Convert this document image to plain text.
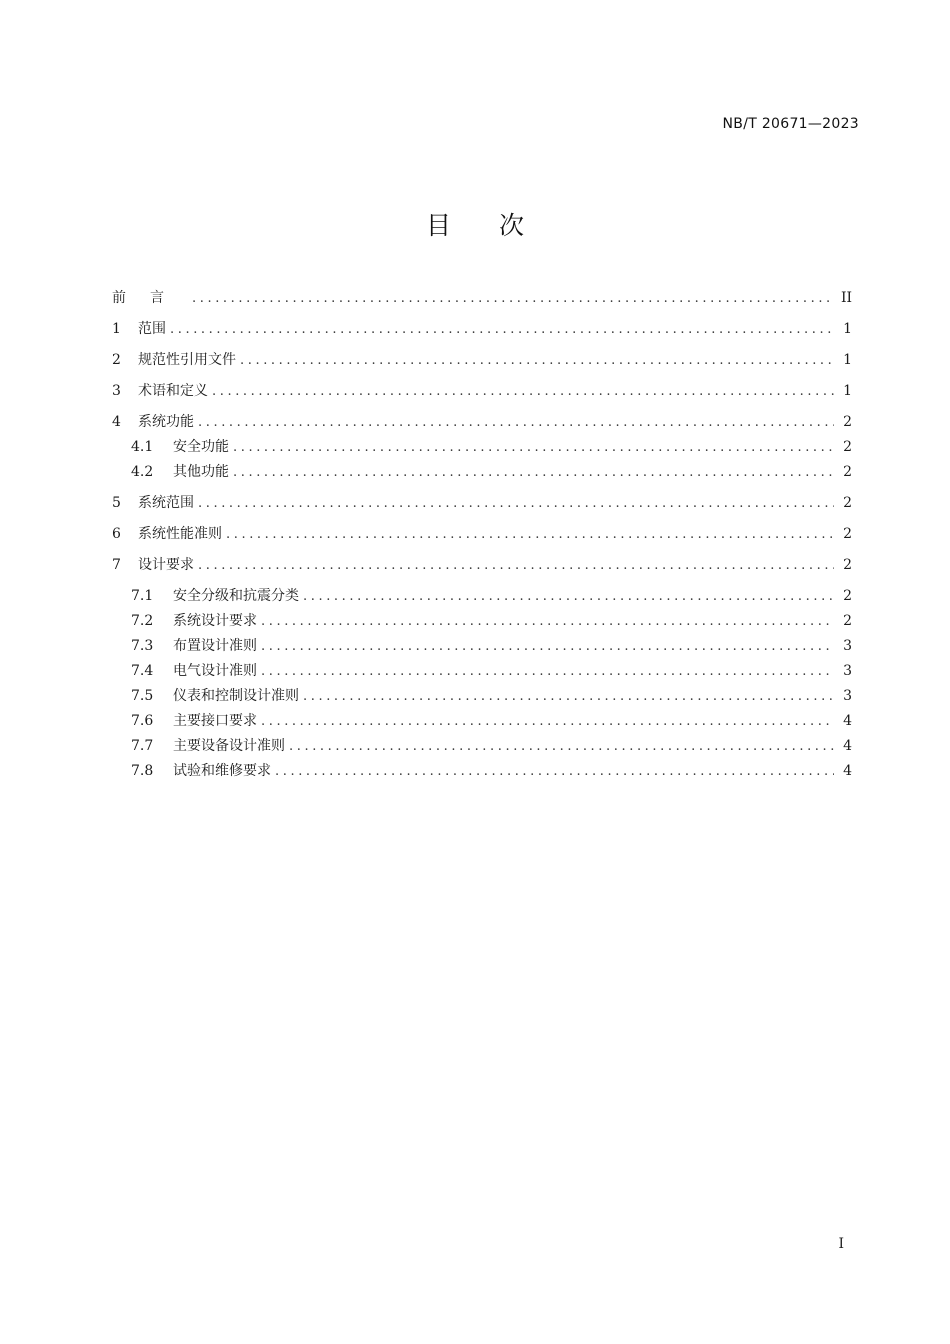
NB/T 20671—2023
目次
前言 .....	II
1	范围 .....	1
2	规范性引用文件 .....	1
3	术语和定义 .....	1
4	系统功能 .....	2
4.1	安全功能 .....	2
4.2	其他功能 .....	2
5	系统范围 .....	2
6	系统性能准则 .....	2
7	设计要求 .....	2
7.1	安全分级和抗震分类 .....	2
7.2	系统设计要求 .....	2
7.3	布置设计准则 .....	3
7.4	电气设计准则 .....	3
7.5	仪表和控制设计准则 .....	3
7.6	主要接口要求 .....	4
7.7	主要设备设计准则 .....	4
7.8	试验和维修要求 .....	4
I
